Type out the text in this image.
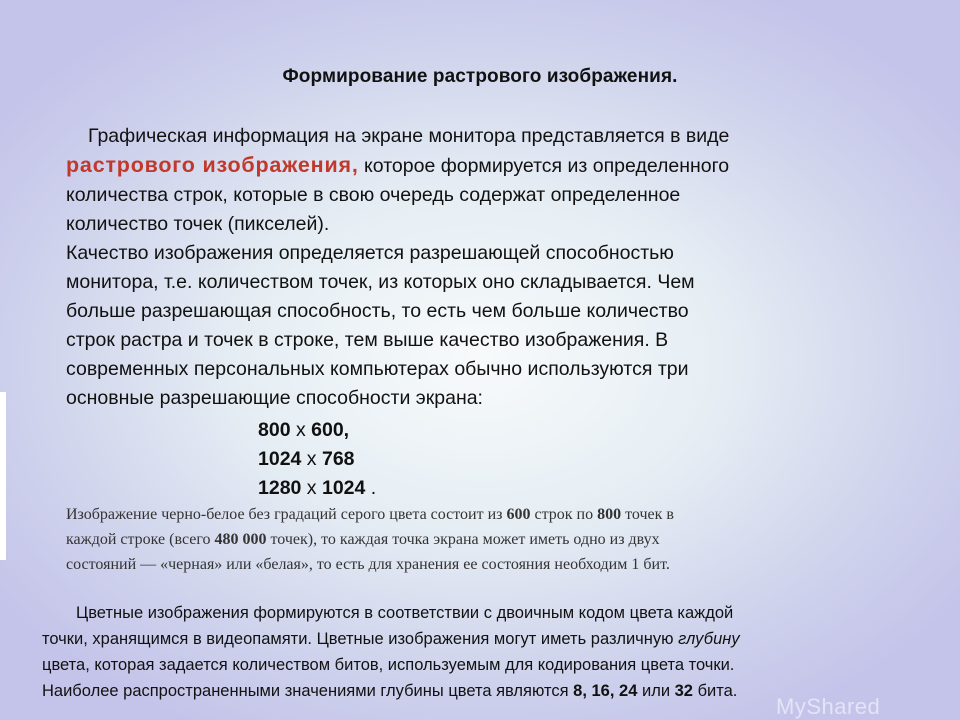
Формирование растрового изображения.

Графическая информация на экране монитора представляется в виде

растрового изображения, которое формируется из определенного

количества строк, которые в свою очередь содержат определенное

количество точек (пикселей).

Качество изображения определяется разрешающей способностью

монитора, т.е. количеством точек, из которых оно складывается. Чем

больше разрешающая способность, то есть чем больше количество

строк растра и точек в строке, тем выше качество изображения. В

современных персональных компьютерах обычно используются три

основные разрешающие способности экрана:

800 х 600,
1024 х 768
1280 х 1024 .

Изображение черно-белое без градаций серого цвета состоит из 600 строк по 800 точек в

каждой строке (всего 480 000 точек), то каждая точка экрана может иметь одно из двух

состояний — «черная» или «белая», то есть для хранения ее состояния необходим 1 бит.

Цветные изображения формируются в соответствии с двоичным кодом цвета каждой

точки, хранящимся в видеопамяти. Цветные изображения могут иметь различную глубину

цвета, которая задается количеством битов, используемым для кодирования цвета точки.

Наиболее распространенными значениями глубины цвета являются 8, 16, 24 или 32 бита.

MyShared
